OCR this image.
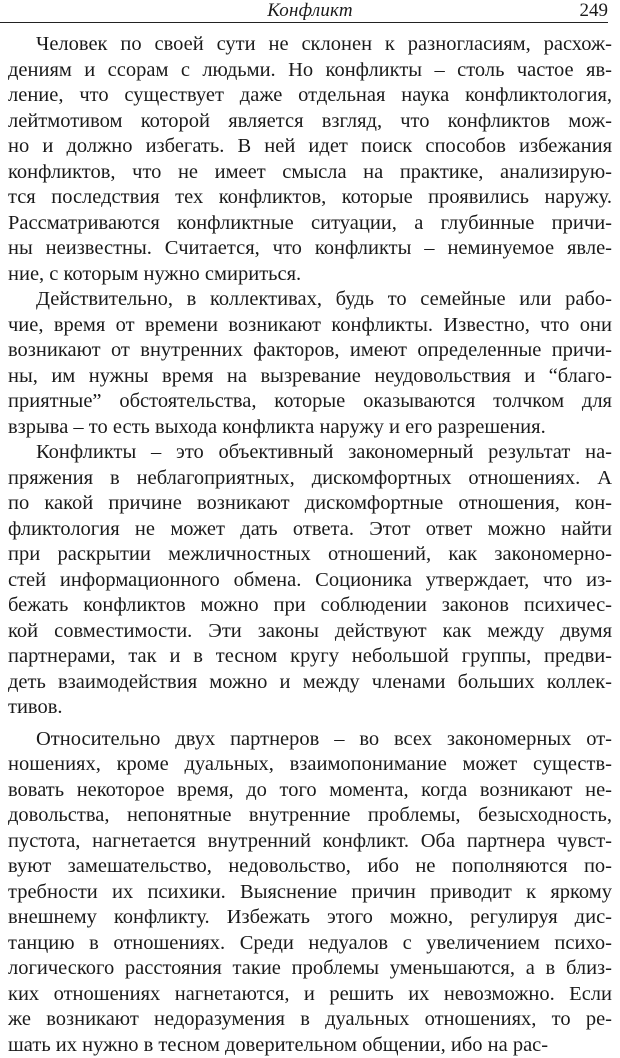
Конфликт	249
Человек по своей сути не склонен к разногласиям, расхож-
дениям и ссорам с людьми. Но конфликты – столь частое яв-
ление, что существует даже отдельная наука конфликтология,
лейтмотивом которой является взгляд, что конфликтов мож-
но и должно избегать. В ней идет поиск способов избежания
конфликтов, что не имеет смысла на практике, анализирую-
тся последствия тех конфликтов, которые проявились наружу.
Рассматриваются конфликтные ситуации, а глубинные причи-
ны неизвестны. Считается, что конфликты – неминуемое явле-
ние, с которым нужно смириться.
Действительно, в коллективах, будь то семейные или рабо-
чие, время от времени возникают конфликты. Известно, что они
возникают от внутренних факторов, имеют определенные причи-
ны, им нужны время на вызревание неудовольствия и “благо-
приятные” обстоятельства, которые оказываются толчком для
взрыва – то есть выхода конфликта наружу и его разрешения.
Конфликты – это объективный закономерный результат на-
пряжения в неблагоприятных, дискомфортных отношениях. А
по какой причине возникают дискомфортные отношения, кон-
фликтология не может дать ответа. Этот ответ можно найти
при раскрытии межличностных отношений, как закономерно-
стей информационного обмена. Соционика утверждает, что из-
бежать конфликтов можно при соблюдении законов психичес-
кой совместимости. Эти законы действуют как между двумя
партнерами, так и в тесном кругу небольшой группы, предви-
деть взаимодействия можно и между членами больших коллек-
тивов.
Относительно двух партнеров – во всех закономерных от-
ношениях, кроме дуальных, взаимопонимание может существ-
вовать некоторое время, до того момента, когда возникают не-
довольства, непонятные внутренние проблемы, безысходность,
пустота, нагнетается внутренний конфликт. Оба партнера чувст-
вуют замешательство, недовольство, ибо не пополняются по-
требности их психики. Выяснение причин приводит к яркому
внешнему конфликту. Избежать этого можно, регулируя дис-
танцию в отношениях. Среди недуалов с увеличением психо-
логического расстояния такие проблемы уменьшаются, а в близ-
ких отношениях нагнетаются, и решить их невозможно. Если
же возникают недоразумения в дуальных отношениях, то ре-
шать их нужно в тесном доверительном общении, ибо на рас-
